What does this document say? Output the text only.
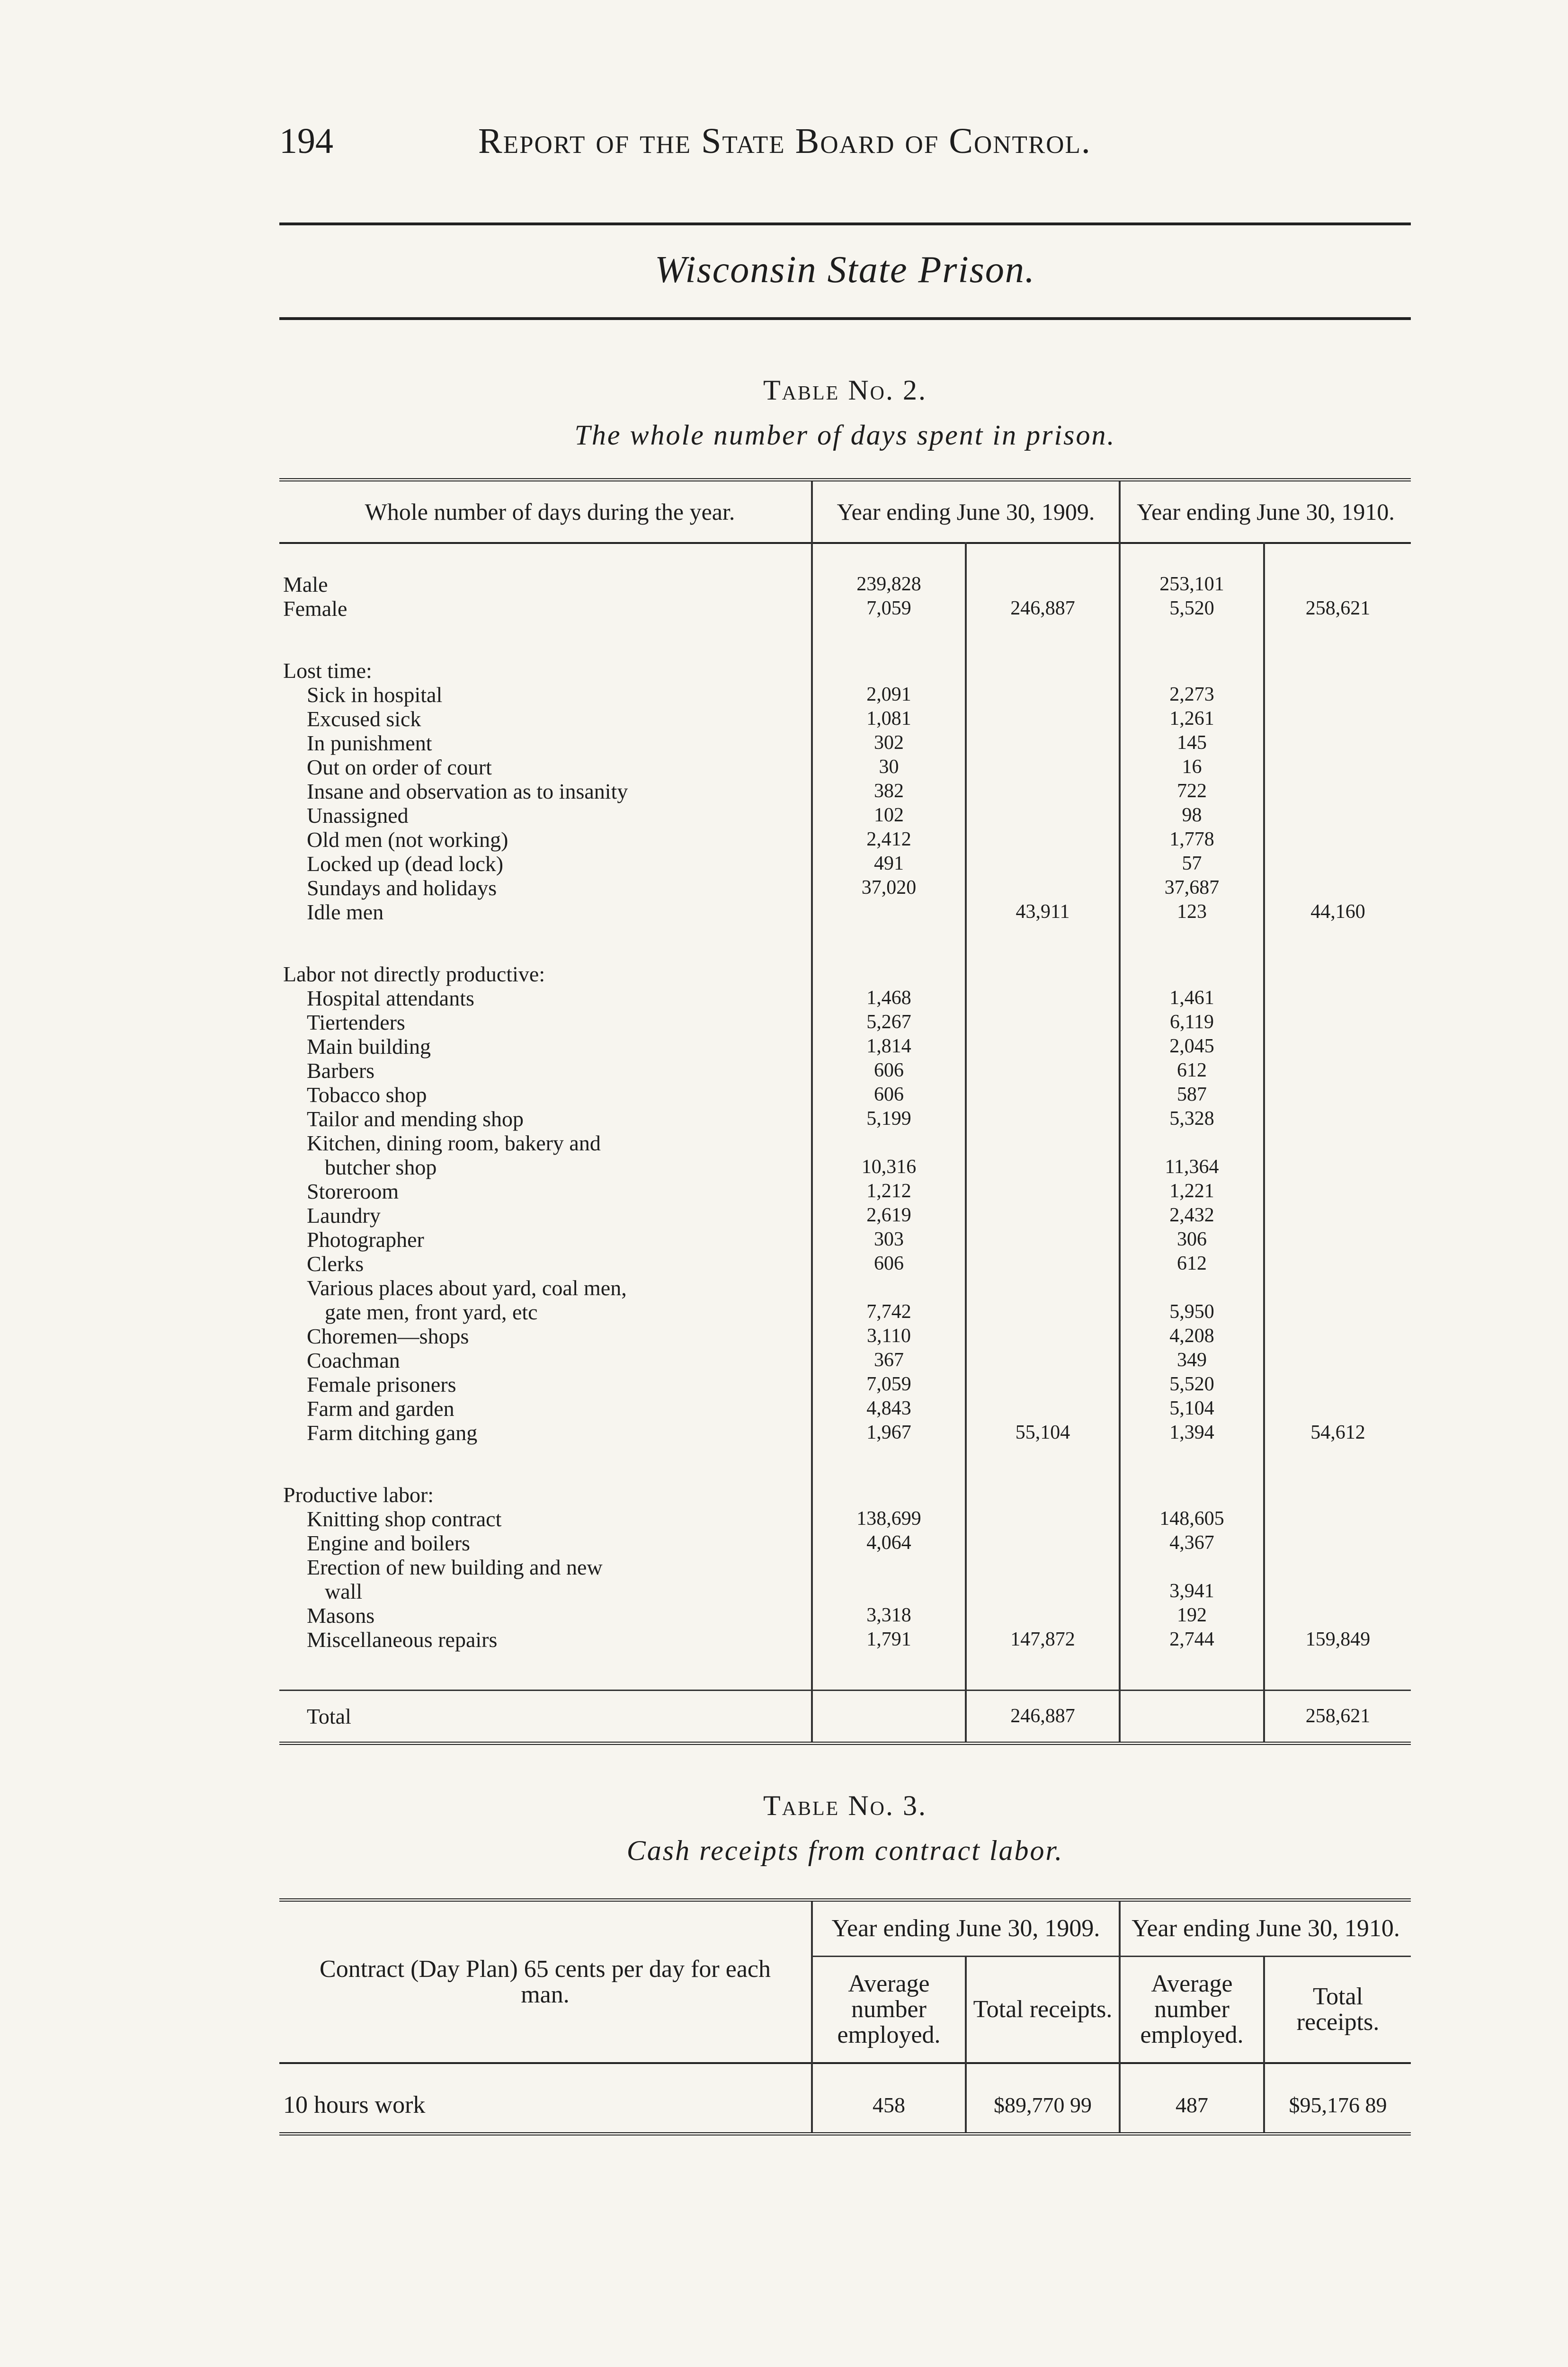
194	Report of the State Board of Control.
Wisconsin State Prison.
Table No. 2.
The whole number of days spent in prison.
Whole number of days during the year.	Year ending June 30, 1909.		Year ending June 30, 1910.	
Male	239,828		253,101	
Female	7,059	246,887	5,520	258,621

Lost time:				
Sick in hospital	2,091		2,273	
Excused sick	1,081		1,261	
In punishment	302		145	
Out on order of court	30		16	
Insane and observation as to insanity	382		722	
Unassigned	102		98	
Old men (not working)	2,412		1,778	
Locked up (dead lock)	491		57	
Sundays and holidays	37,020		37,687	
Idle men		43,911	123	44,160

Labor not directly productive:				
Hospital attendants	1,468		1,461	
Tiertenders	5,267		6,119	
Main building	1,814		2,045	
Barbers	606		612	
Tobacco shop	606		587	
Tailor and mending shop	5,199		5,328	
Kitchen, dining room, bakery and				
butcher shop	10,316		11,364	
Storeroom	1,212		1,221	
Laundry	2,619		2,432	
Photographer	303		306	
Clerks	606		612	
Various places about yard, coal men,				
gate men, front yard, etc	7,742		5,950	
Choremen—shops	3,110		4,208	
Coachman	367		349	
Female prisoners	7,059		5,520	
Farm and garden	4,843		5,104	
Farm ditching gang	1,967	55,104	1,394	54,612

Productive labor:				
Knitting shop contract	138,699		148,605	
Engine and boilers	4,064		4,367	
Erection of new building and new				
wall			3,941	
Masons	3,318		192	
Miscellaneous repairs	1,791	147,872	2,744	159,849

Total		246,887		258,621
Table No. 3.
Cash receipts from contract labor.
Contract (Day Plan) 65 cents per day for each man.	Year ending June 30, 1909.		Year ending June 30, 1910.	
	Average number employed.	Total receipts.	Average number employed.	Total receipts.
10 hours work	458	$89,770 99	487	$95,176 89
